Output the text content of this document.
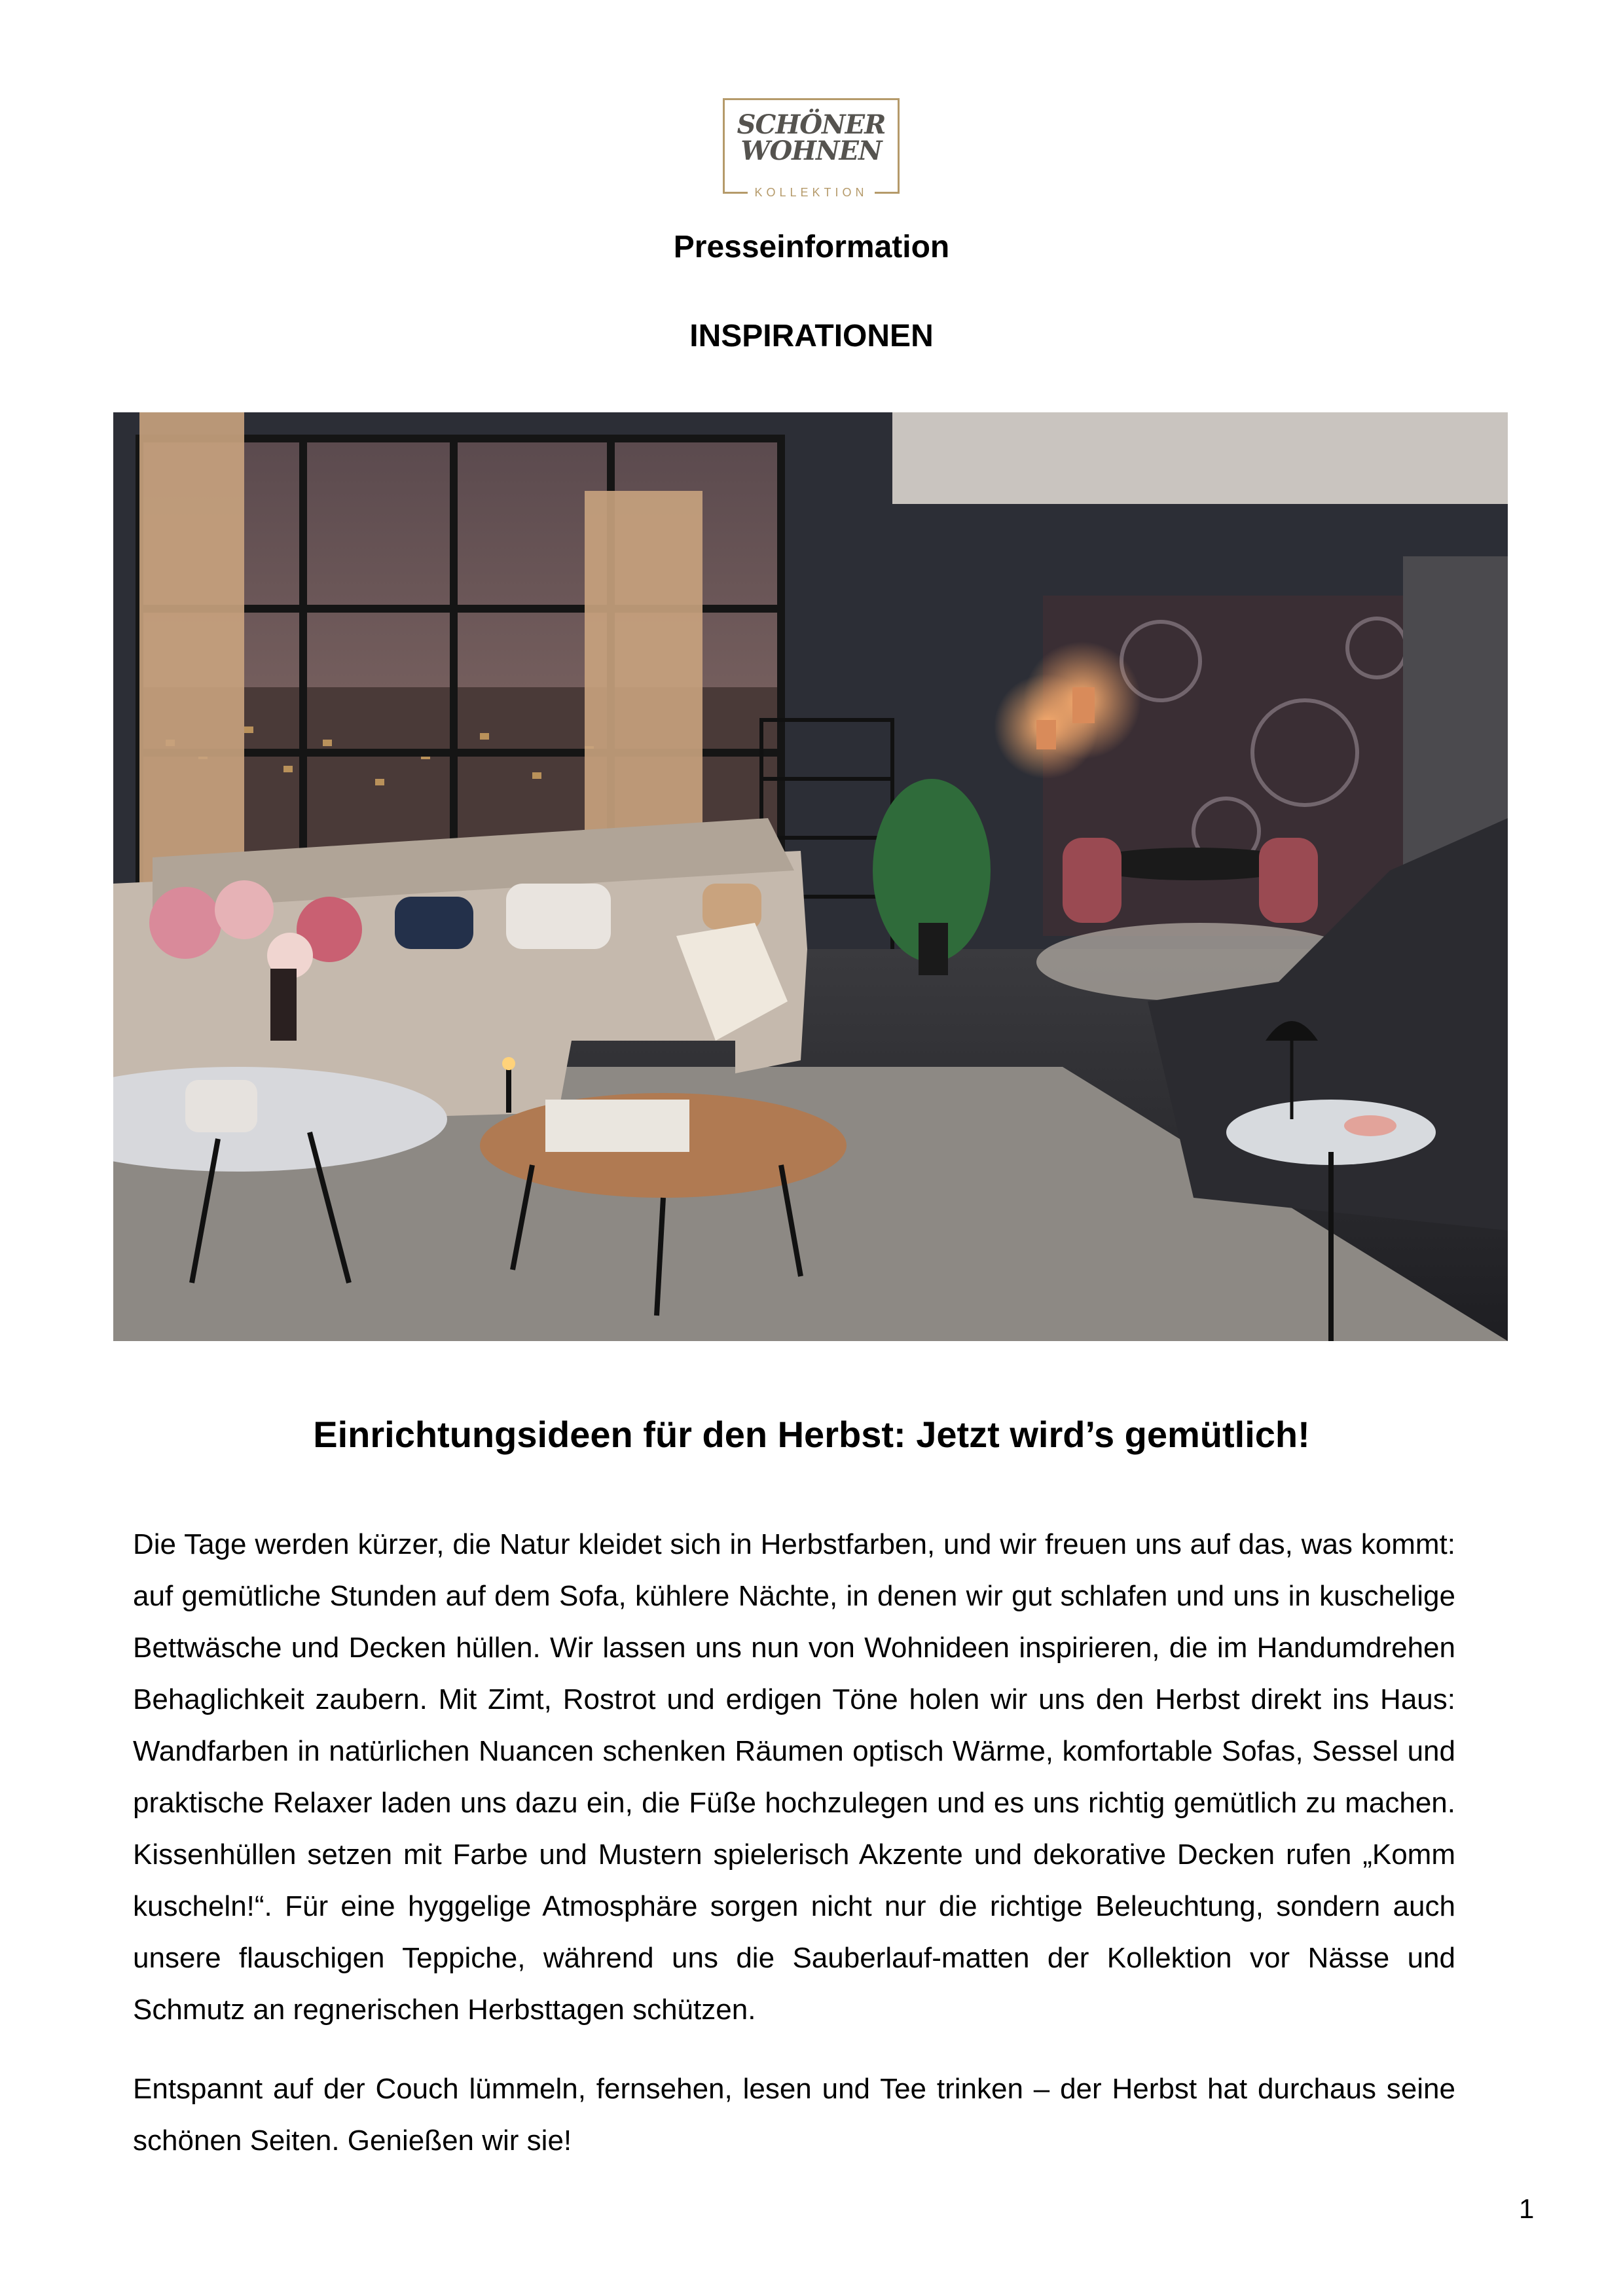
SCHÖNER
WOHNEN
KOLLEKTION
Presseinformation
INSPIRATIONEN
Einrichtungsideen für den Herbst: Jetzt wird’s gemütlich!

Die Tage werden kürzer, die Natur kleidet sich in Herbstfarben, und wir freuen uns auf das, was kommt: auf gemütliche Stunden auf dem Sofa, kühlere Nächte, in denen wir gut schlafen und uns in kuschelige Bettwäsche und Decken hüllen. Wir lassen uns nun von Wohnideen inspirieren, die im Handumdrehen Behaglichkeit zaubern. Mit Zimt, Rostrot und erdigen Töne holen wir uns den Herbst direkt ins Haus: Wandfarben in natürlichen Nuancen schenken Räumen optisch Wärme, komfortable Sofas, Sessel und praktische Relaxer laden uns dazu ein, die Füße hochzulegen und es uns richtig gemütlich zu machen. Kissenhüllen setzen mit Farbe und Mustern spielerisch Akzente und dekorative Decken rufen „Komm kuscheln!“. Für eine hyggelige Atmosphäre sorgen nicht nur die richtige Beleuchtung, sondern auch unsere flauschigen Teppiche, während uns die Sauberlauf-matten der Kollektion vor Nässe und Schmutz an regnerischen Herbsttagen schützen.

Entspannt auf der Couch lümmeln, fernsehen, lesen und Tee trinken – der Herbst hat durchaus seine schönen Seiten. Genießen wir sie!

1
